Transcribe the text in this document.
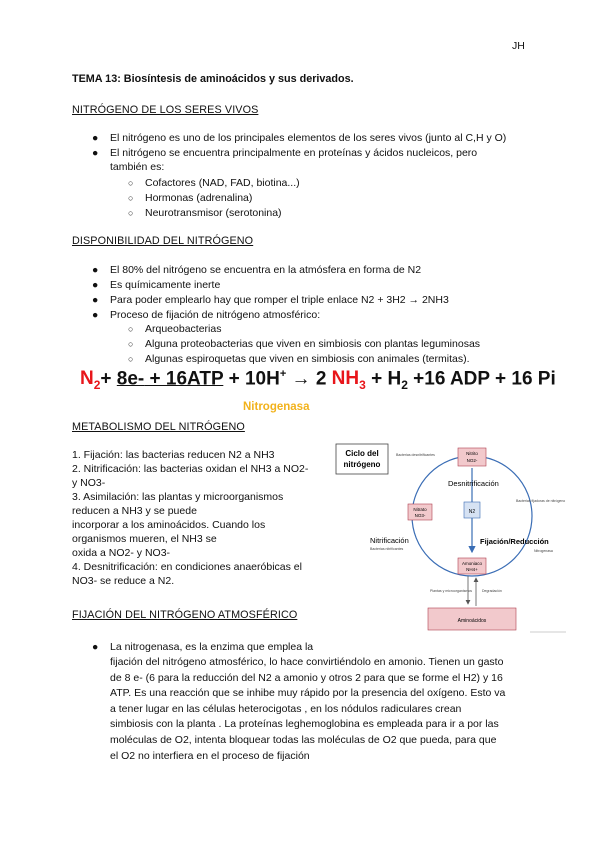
JH
TEMA 13: Biosíntesis de aminoácidos y sus derivados.
NITRÓGENO DE LOS SERES VIVOS
● El nitrógeno es uno de los principales elementos de los seres vivos (junto al C,H y O)
● El nitrógeno se encuentra principalmente en proteínas y ácidos nucleicos, pero
también es:
○ Cofactores (NAD, FAD, biotina...)
○ Hormonas (adrenalina)
○ Neurotransmisor (serotonina)
DISPONIBILIDAD DEL NITRÓGENO
● El 80% del nitrógeno se encuentra en la atmósfera en forma de N2
● Es químicamente inerte
● Para poder emplearlo hay que romper el triple enlace N2 + 3H2 → 2NH3
● Proceso de fijación de nitrógeno atmosférico:
○ Arqueobacterias
○ Alguna proteobacterias que viven en simbiosis con plantas leguminosas
○ Algunas espiroquetas que viven en simbiosis con animales (termitas).
$N_2+ 8e- + 16ATP + 10H^+ \to 2$ $NH_3 + H_2 +16$ ADP + 16 Pi
Nitrogenasa
METABOLISMO DEL NITRÓGENO
1. Fijación: las bacterias reducen N2 a NH3
2. Nitrificación: las bacterias oxidan el NH3 a NO2-
y NO3-
3. Asimilación: las plantas y microorganismos
reducen a NH3 y se puede
incorporar a los aminoácidos. Cuando los
organismos mueren, el NH3 se
oxida a NO2- y NO3-
4. Desnitrificación: en condiciones anaeróbicas el
NO3- se reduce a N2.
Ciclo del
nitrógeno
Nitrito
NO2-
Nitrato
NO3-
N2
Amoniaco
NH4+
Desnitrificación
Nitrificación	Fijación/Reducción
Bacterias desnitrificantes
Bacterias fijadoras de nitrógeno
Bacterias nitrificantes	Nitrogenasa
Plantas y microorganismos	Degradación
Aminoácidos
FIJACIÓN DEL NITRÓGENO ATMOSFÉRICO
● La nitrogenasa, es la enzima que emplea la
fijación del nitrógeno atmosférico, lo hace convirtiéndolo en amonio. Tienen un gasto
de 8 e- (6 para la reducción del N2 a amonio y otros 2 para que se forme el H2) y 16
ATP. Es una reacción que se inhibe muy rápido por la presencia del oxígeno. Esto va
a tener lugar en las células heterocigotas , en los nódulos radiculares crean
simbiosis con la planta . La proteínas leghemoglobina es empleada para ir a por las
moléculas de O2, intenta bloquear todas las moléculas de O2 que pueda, para que
el O2 no interfiera en el proceso de fijación
